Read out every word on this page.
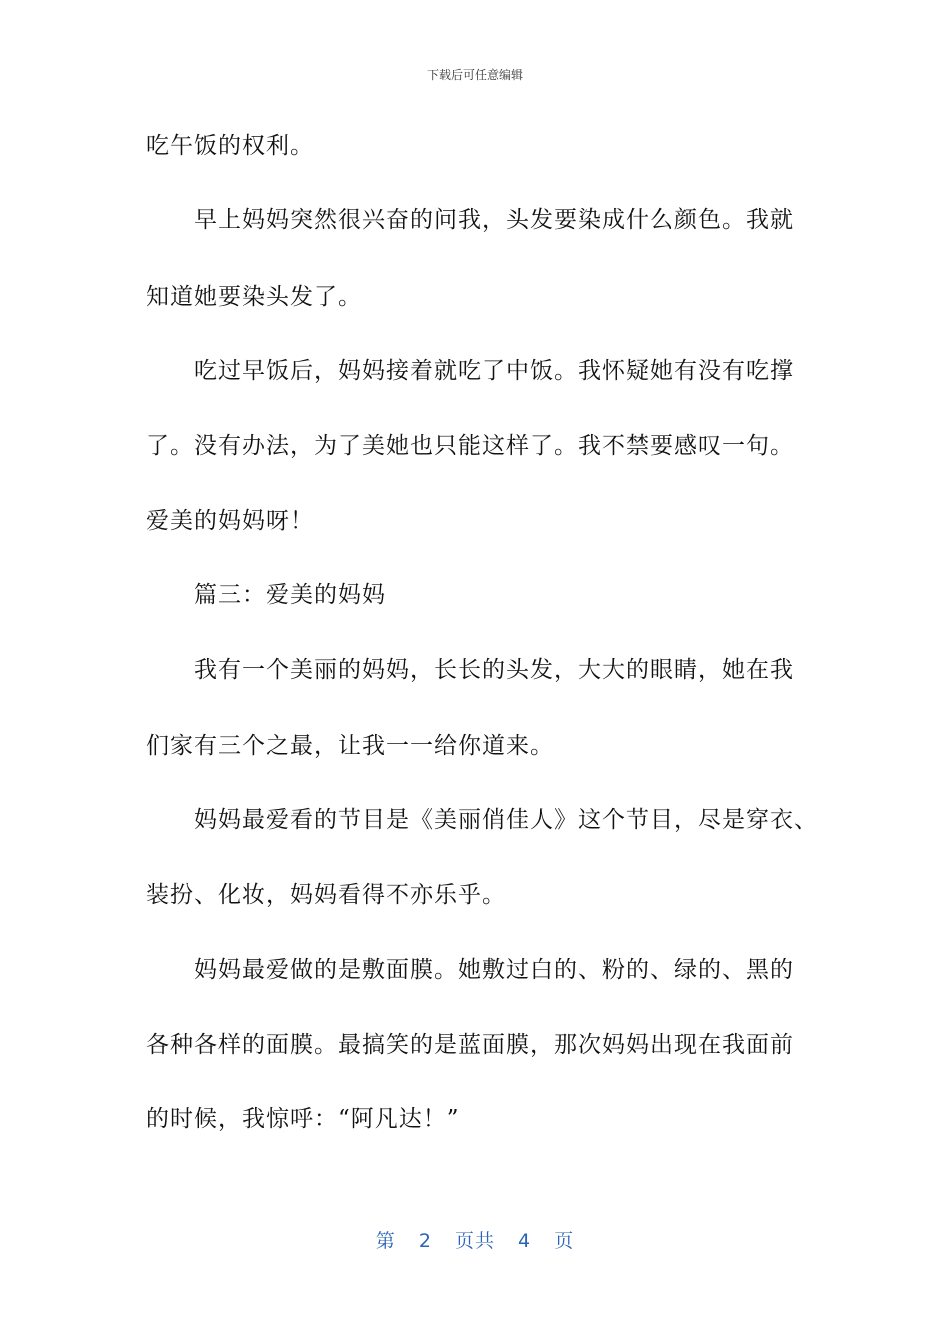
下载后可任意编辑
吃午饭的权利。
早上妈妈突然很兴奋的问我，头发要染成什么颜色。我就
知道她要染头发了。
吃过早饭后，妈妈接着就吃了中饭。我怀疑她有没有吃撑
了。没有办法，为了美她也只能这样了。我不禁要感叹一句。
爱美的妈妈呀！
篇三：爱美的妈妈
我有一个美丽的妈妈，长长的头发，大大的眼睛，她在我
们家有三个之最，让我一一给你道来。
妈妈最爱看的节目是《美丽俏佳人》这个节目，尽是穿衣、
装扮、化妆，妈妈看得不亦乐乎。
妈妈最爱做的是敷面膜。她敷过白的、粉的、绿的、黑的
各种各样的面膜。最搞笑的是蓝面膜，那次妈妈出现在我面前
的时候，我惊呼：“阿凡达！”
第 2 页共 4 页
